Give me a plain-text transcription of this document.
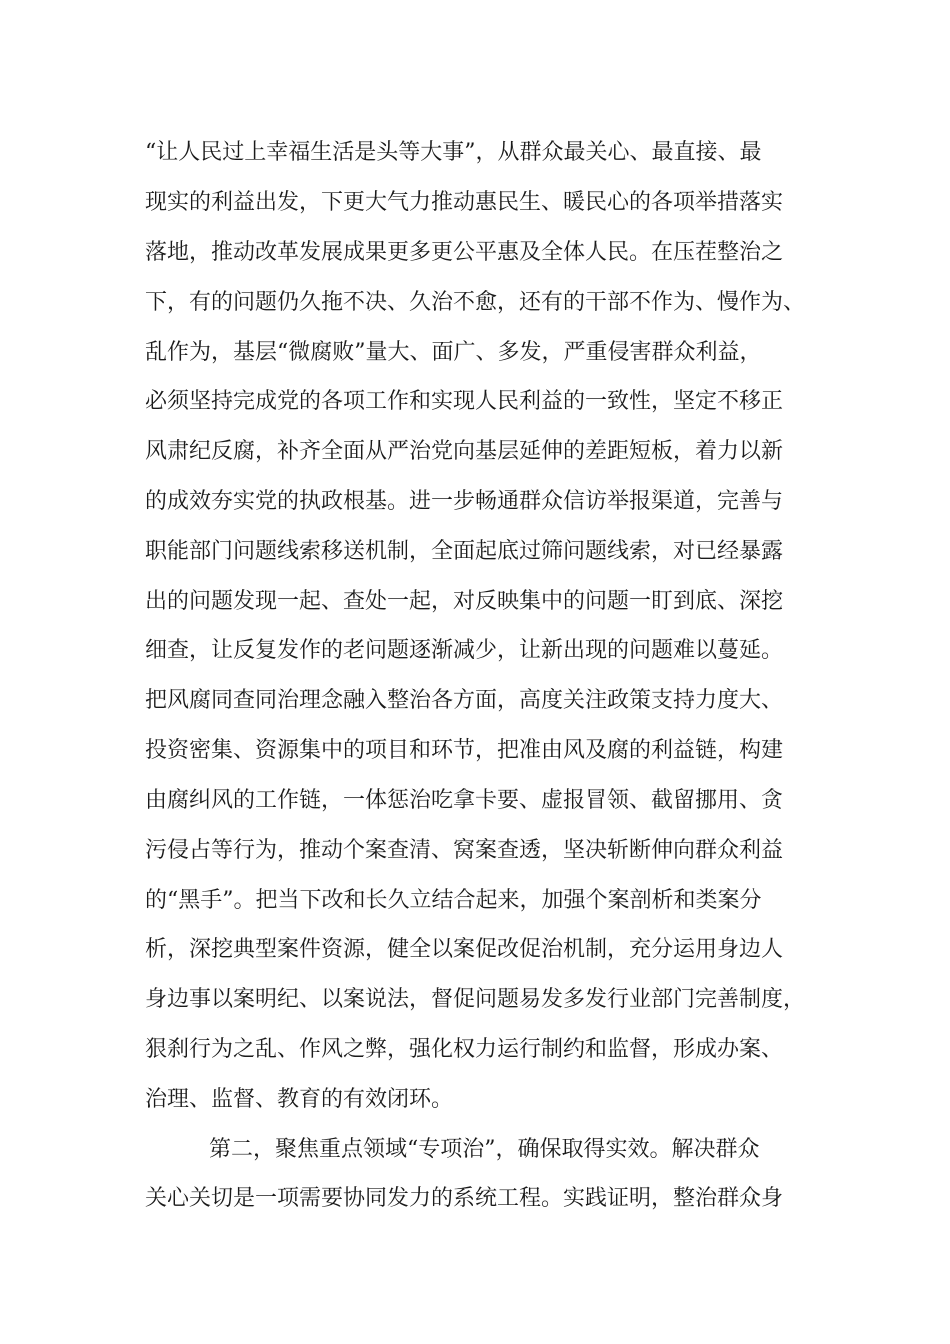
“让人民过上幸福生活是头等大事”，从群众最关心、最直接、最
现实的利益出发，下更大气力推动惠民生、暖民心的各项举措落实
落地，推动改革发展成果更多更公平惠及全体人民。在压茬整治之
下，有的问题仍久拖不决、久治不愈，还有的干部不作为、慢作为、
乱作为，基层“微腐败”量大、面广、多发，严重侵害群众利益，
必须坚持完成党的各项工作和实现人民利益的一致性，坚定不移正
风肃纪反腐，补齐全面从严治党向基层延伸的差距短板，着力以新
的成效夯实党的执政根基。进一步畅通群众信访举报渠道，完善与
职能部门问题线索移送机制，全面起底过筛问题线索，对已经暴露
出的问题发现一起、查处一起，对反映集中的问题一盯到底、深挖
细查，让反复发作的老问题逐渐减少，让新出现的问题难以蔓延。
把风腐同查同治理念融入整治各方面，高度关注政策支持力度大、
投资密集、资源集中的项目和环节，把准由风及腐的利益链，构建
由腐纠风的工作链，一体惩治吃拿卡要、虚报冒领、截留挪用、贪
污侵占等行为，推动个案查清、窝案查透，坚决斩断伸向群众利益
的“黑手”。把当下改和长久立结合起来，加强个案剖析和类案分
析，深挖典型案件资源，健全以案促改促治机制，充分运用身边人
身边事以案明纪、以案说法，督促问题易发多发行业部门完善制度，
狠刹行为之乱、作风之弊，强化权力运行制约和监督，形成办案、
治理、监督、教育的有效闭环。
第二，聚焦重点领域“专项治”，确保取得实效。解决群众
关心关切是一项需要协同发力的系统工程。实践证明，整治群众身
